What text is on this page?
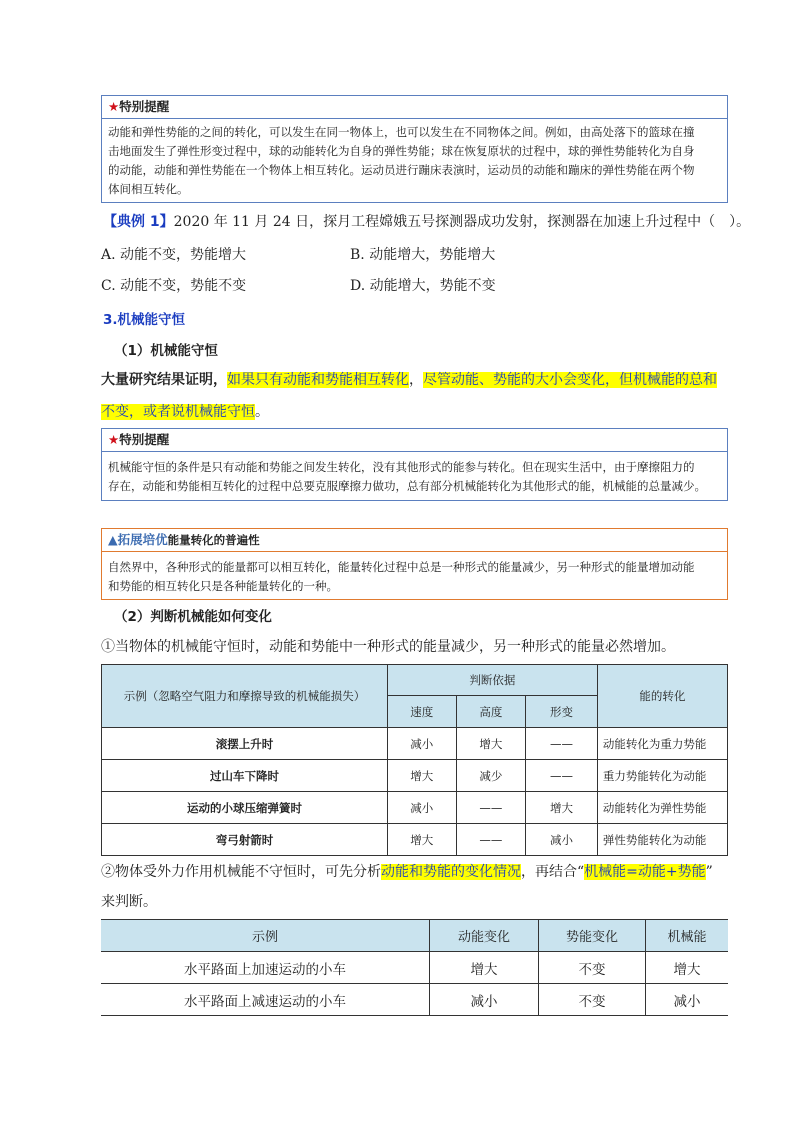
★特别提醒
动能和弹性势能的之间的转化，可以发生在同一物体上，也可以发生在不同物体之间。例如，由高处落下的篮球在撞
击地面发生了弹性形变过程中，球的动能转化为自身的弹性势能；球在恢复原状的过程中，球的弹性势能转化为自身
的动能，动能和弹性势能在一个物体上相互转化。运动员进行蹦床表演时，运动员的动能和蹦床的弹性势能在两个物
体间相互转化。
【典例 1】2020 年 11 月 24 日，探月工程嫦娥五号探测器成功发射，探测器在加速上升过程中（　）。
A. 动能不变，势能增大	B. 动能增大，势能增大
C. 动能不变，势能不变	D. 动能增大，势能不变
3.机械能守恒
（1）机械能守恒
大量研究结果证明，如果只有动能和势能相互转化，尽管动能、势能的大小会变化，但机械能的总和
不变，或者说机械能守恒。
★特别提醒
机械能守恒的条件是只有动能和势能之间发生转化，没有其他形式的能参与转化。但在现实生活中，由于摩擦阻力的
存在，动能和势能相互转化的过程中总要克服摩擦力做功，总有部分机械能转化为其他形式的能，机械能的总量减少。
▲拓展培优能量转化的普遍性
自然界中，各种形式的能量都可以相互转化，能量转化过程中总是一种形式的能量减少，另一种形式的能量增加动能
和势能的相互转化只是各种能量转化的一种。
（2）判断机械能如何变化
①当物体的机械能守恒时，动能和势能中一种形式的能量减少，另一种形式的能量必然增加。
示例（忽略空气阻力和摩擦导致的机械能损失）	判断依据			能的转化
	速度	高度	形变	
滚摆上升时	减小	增大	——	动能转化为重力势能
过山车下降时	增大	减少	——	重力势能转化为动能
运动的小球压缩弹簧时	减小	——	增大	动能转化为弹性势能
弯弓射箭时	增大	——	减小	弹性势能转化为动能
②物体受外力作用机械能不守恒时，可先分析动能和势能的变化情况，再结合“机械能=动能+势能”
来判断。
示例	动能变化	势能变化	机械能
水平路面上加速运动的小车	增大	不变	增大
水平路面上减速运动的小车	减小	不变	减小
